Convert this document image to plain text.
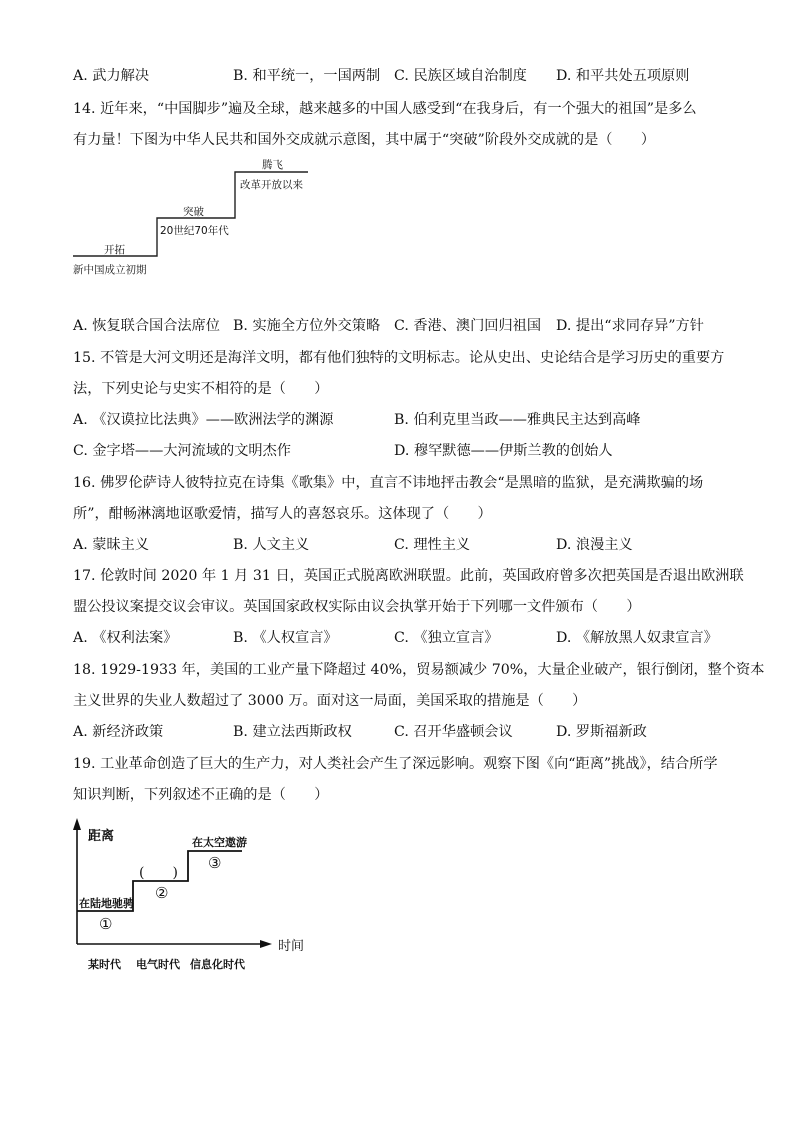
A. 武力解决	B. 和平统一，一国两制 C. 民族区域自治制度 D. 和平共处五项原则
14. 近年来，“中国脚步”遍及全球，越来越多的中国人感受到“在我身后，有一个强大的祖国”是多么
有力量！下图为中华人民共和国外交成就示意图，其中属于“突破”阶段外交成就的是（　　）
开拓
新中国成立初期
突破
20世纪70年代
腾飞
改革开放以来
A. 恢复联合国合法席位 B. 实施全方位外交策略 C. 香港、澳门回归祖国 D. 提出“求同存异”方针
15. 不管是大河文明还是海洋文明，都有他们独特的文明标志。论从史出、史论结合是学习历史的重要方
法，下列史论与史实不相符的是（　　）
A. 《汉谟拉比法典》——欧洲法学的渊源	B. 伯利克里当政——雅典民主达到高峰
C. 金字塔——大河流域的文明杰作	D. 穆罕默德——伊斯兰教的创始人
16. 佛罗伦萨诗人彼特拉克在诗集《歌集》中，直言不讳地抨击教会“是黑暗的监狱，是充满欺骗的场
所”，酣畅淋漓地讴歌爱情，描写人的喜怒哀乐。这体现了（　　）
A. 蒙昧主义	B. 人文主义	C. 理性主义	D. 浪漫主义
17. 伦敦时间 2020 年 1 月 31 日，英国正式脱离欧洲联盟。此前，英国政府曾多次把英国是否退出欧洲联
盟公投议案提交议会审议。英国国家政权实际由议会执掌开始于下列哪一文件颁布（　　）
A. 《权利法案》	B. 《人权宣言》	C. 《独立宣言》	D. 《解放黑人奴隶宣言》
18. 1929-1933 年，美国的工业产量下降超过 40%，贸易额减少 70%，大量企业破产，银行倒闭，整个资本
主义世界的失业人数超过了 3000 万。面对这一局面，美国采取的措施是（　　）
A. 新经济政策	B. 建立法西斯政权	C. 召开华盛顿会议	D. 罗斯福新政
19. 工业革命创造了巨大的生产力，对人类社会产生了深远影响。观察下图《向“距离”挑战》，结合所学
知识判断，下列叙述不正确的是（　　）
距离
时间
在陆地驰骋
①
(　　)
②
在太空遨游
③
某时代 电气时代 信息化时代
